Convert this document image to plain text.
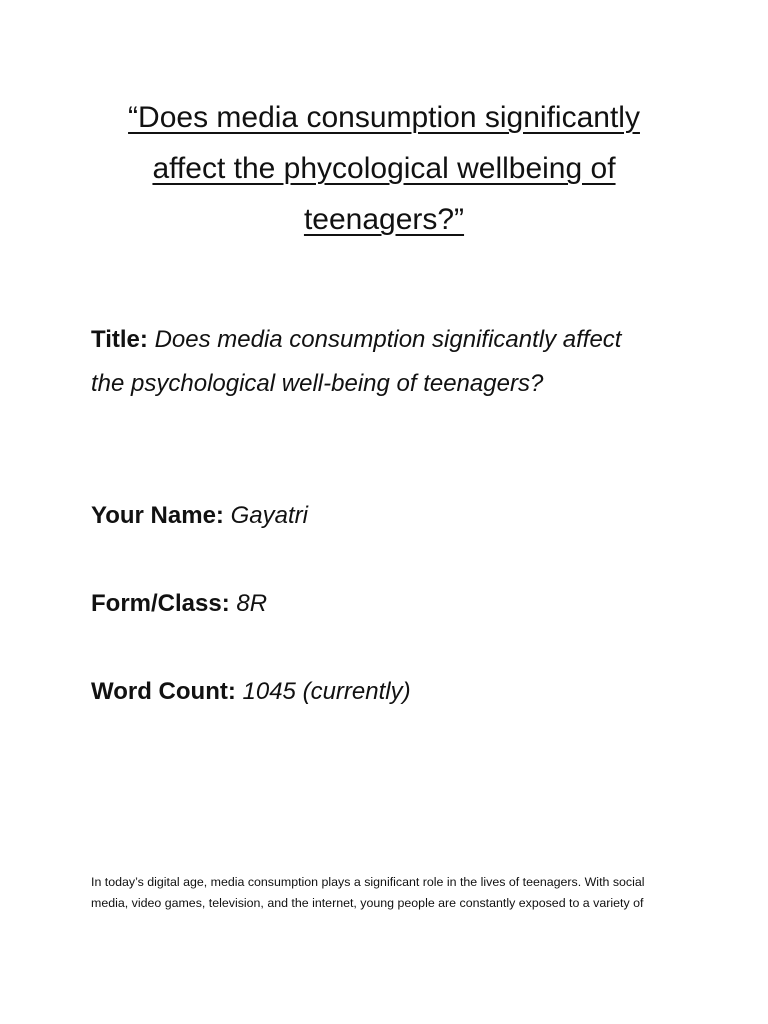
“Does media consumption significantly
affect the phycological wellbeing of
teenagers?”
Title: Does media consumption significantly affect the psychological well-being of teenagers?
Your Name: Gayatri
Form/Class: 8R
Word Count: 1045 (currently)
In today’s digital age, media consumption plays a significant role in the lives of teenagers. With social
media, video games, television, and the internet, young people are constantly exposed to a variety of
